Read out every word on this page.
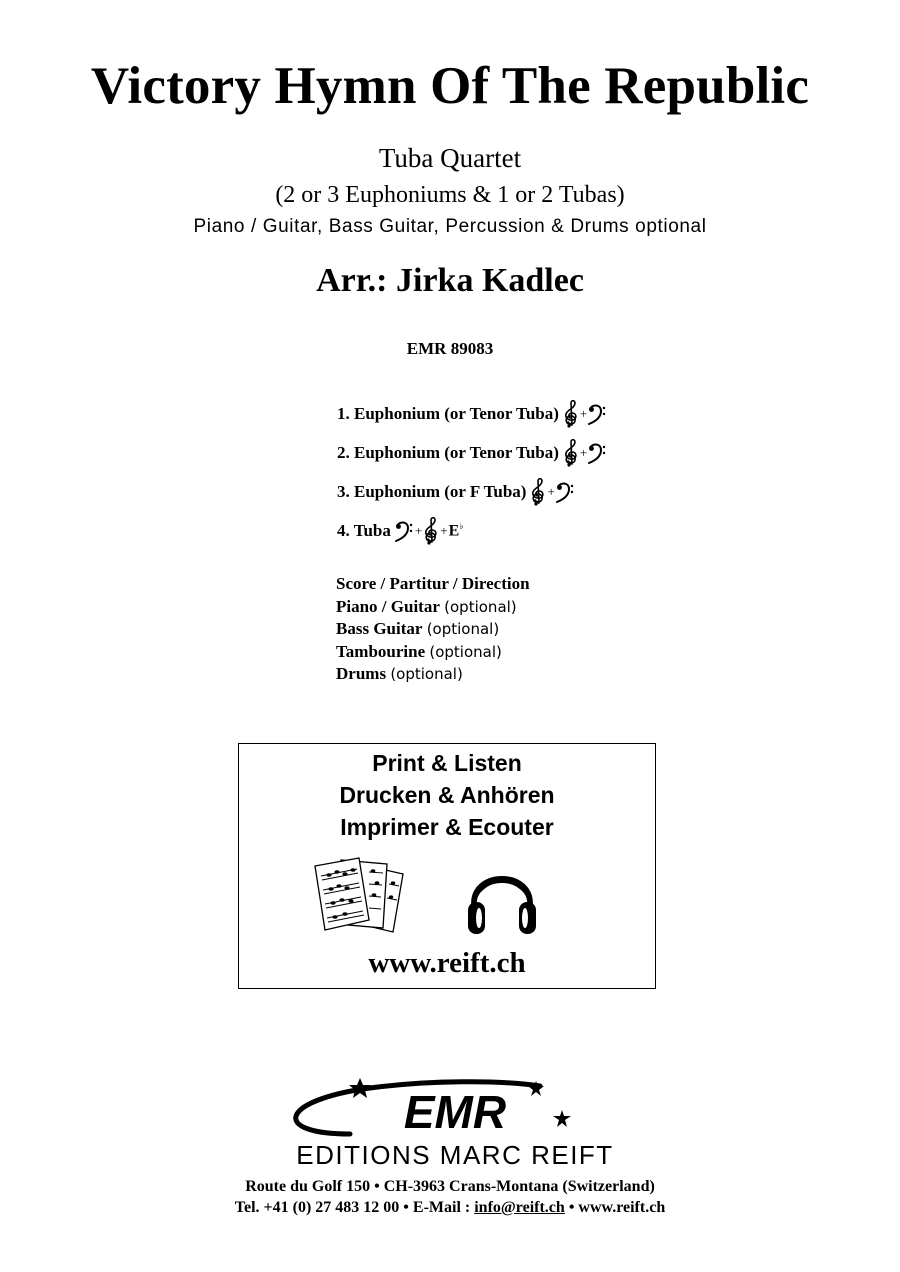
Victory Hymn Of The Republic
Tuba Quartet
(2 or 3 Euphoniums & 1 or 2 Tubas)
Piano / Guitar, Bass Guitar, Percussion & Drums optional
Arr.: Jirka Kadlec
EMR 89083
1. Euphonium (or Tenor Tuba) +
2. Euphonium (or Tenor Tuba) +
3. Euphonium (or F Tuba) +
4. Tuba + + E♭
Score / Partitur / Direction
Piano / Guitar (optional)
Bass Guitar (optional)
Tambourine (optional)
Drums (optional)
Print & Listen
Drucken & Anhören
Imprimer & Ecouter
www.reift.ch
EMR
EDITIONS MARC REIFT
Route du Golf 150 • CH-3963 Crans-Montana (Switzerland)
Tel. +41 (0) 27 483 12 00 • E-Mail : info@reift.ch • www.reift.ch
